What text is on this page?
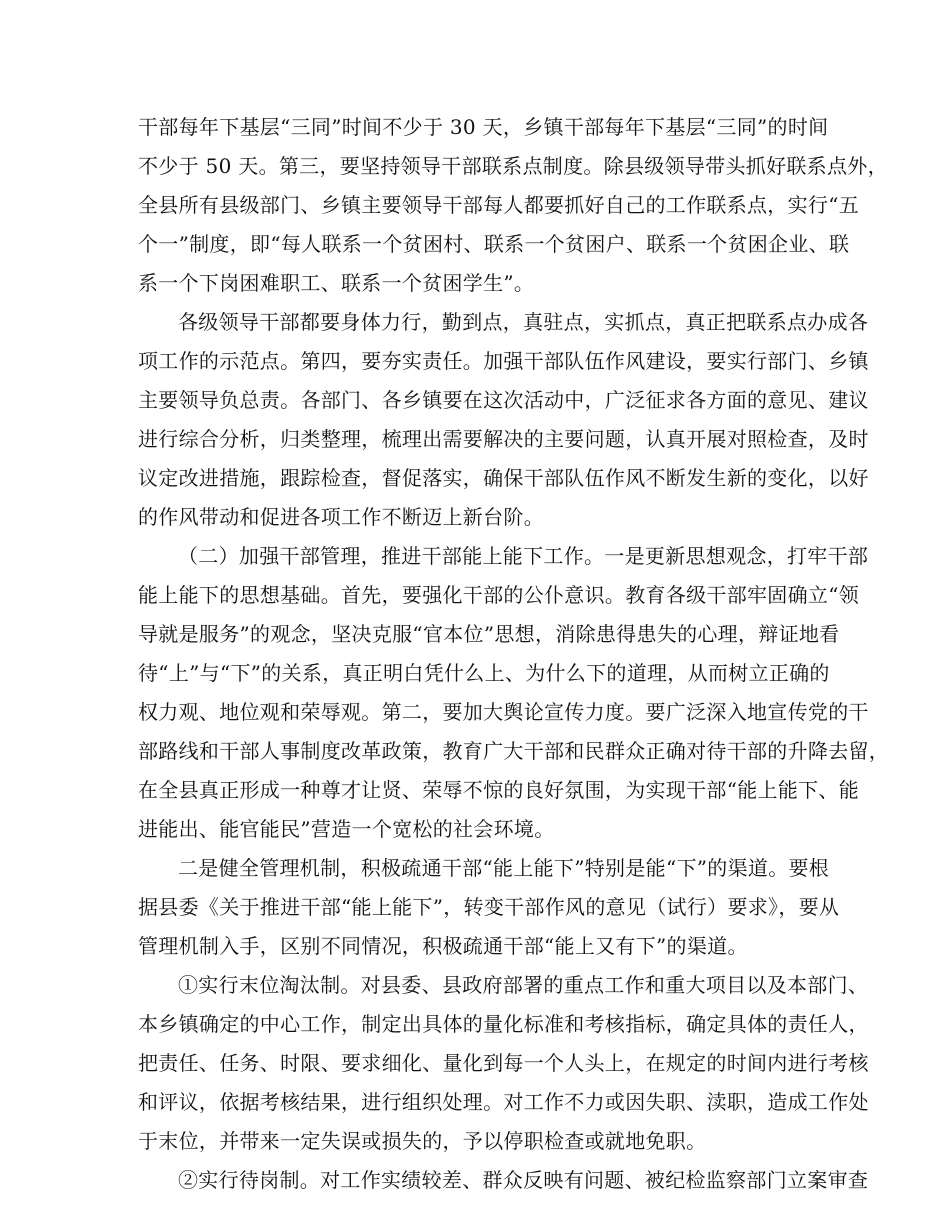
干部每年下基层“三同”时间不少于 30 天，乡镇干部每年下基层“三同”的时间
不少于 50 天。第三，要坚持领导干部联系点制度。除县级领导带头抓好联系点外，
全县所有县级部门、乡镇主要领导干部每人都要抓好自己的工作联系点，实行“五
个一”制度，即“每人联系一个贫困村、联系一个贫困户、联系一个贫困企业、联
系一个下岗困难职工、联系一个贫困学生”。
各级领导干部都要身体力行，勤到点，真驻点，实抓点，真正把联系点办成各
项工作的示范点。第四，要夯实责任。加强干部队伍作风建设，要实行部门、乡镇
主要领导负总责。各部门、各乡镇要在这次活动中，广泛征求各方面的意见、建议
进行综合分析，归类整理，梳理出需要解决的主要问题，认真开展对照检查，及时
议定改进措施，跟踪检查，督促落实，确保干部队伍作风不断发生新的变化，以好
的作风带动和促进各项工作不断迈上新台阶。
（二）加强干部管理，推进干部能上能下工作。一是更新思想观念，打牢干部
能上能下的思想基础。首先，要强化干部的公仆意识。教育各级干部牢固确立“领
导就是服务”的观念，坚决克服“官本位”思想，消除患得患失的心理，辩证地看
待“上”与“下”的关系，真正明白凭什么上、为什么下的道理，从而树立正确的
权力观、地位观和荣辱观。第二，要加大舆论宣传力度。要广泛深入地宣传党的干
部路线和干部人事制度改革政策，教育广大干部和民群众正确对待干部的升降去留，
在全县真正形成一种尊才让贤、荣辱不惊的良好氛围，为实现干部“能上能下、能
进能出、能官能民”营造一个宽松的社会环境。
二是健全管理机制，积极疏通干部“能上能下”特别是能“下”的渠道。要根
据县委《关于推进干部“能上能下”，转变干部作风的意见（试行）要求》，要从
管理机制入手，区别不同情况，积极疏通干部“能上又有下”的渠道。
①实行末位淘汰制。对县委、县政府部署的重点工作和重大项目以及本部门、
本乡镇确定的中心工作，制定出具体的量化标准和考核指标，确定具体的责任人，
把责任、任务、时限、要求细化、量化到每一个人头上，在规定的时间内进行考核
和评议，依据考核结果，进行组织处理。对工作不力或因失职、渎职，造成工作处
于末位，并带来一定失误或损失的，予以停职检查或就地免职。
②实行待岗制。对工作实绩较差、群众反映有问题、被纪检监察部门立案审查
